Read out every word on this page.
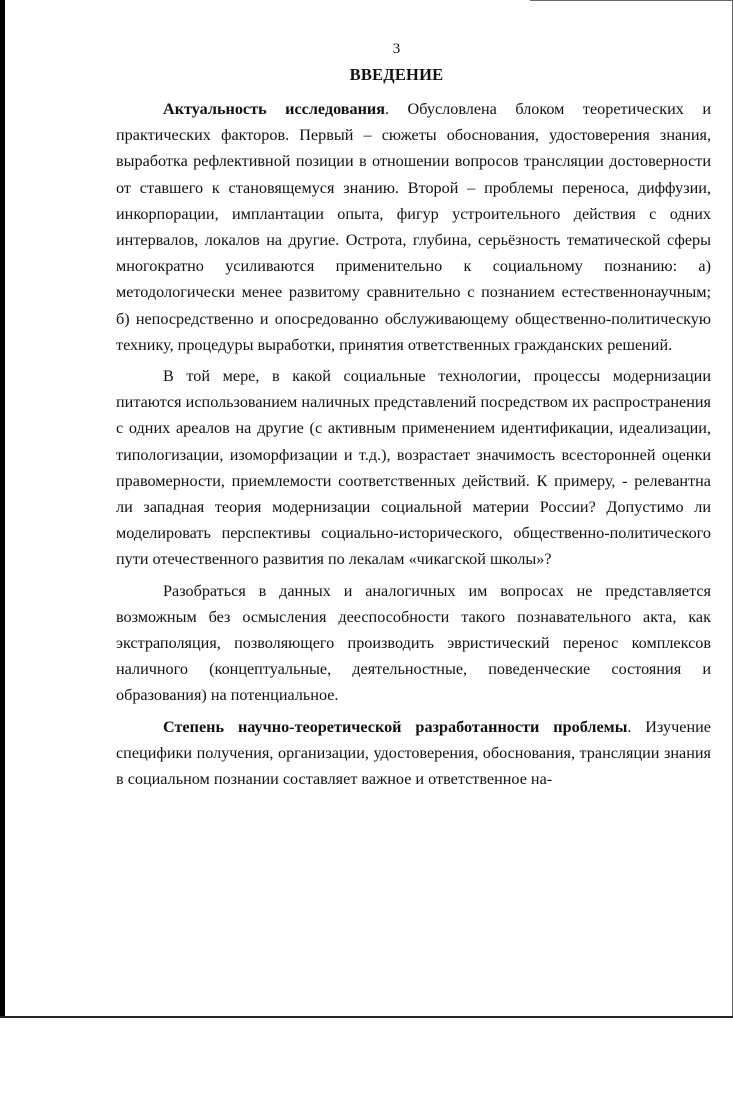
3
ВВЕДЕНИЕ

Актуальность исследования. Обусловлена блоком теоретических и практических факторов. Первый – сюжеты обоснования, удостоверения знания, выработка рефлективной позиции в отношении вопросов трансляции достоверности от ставшего к становящемуся знанию. Второй – проблемы переноса, диффузии, инкорпорации, имплантации опыта, фигур устроительного действия с одних интервалов, локалов на другие. Острота, глубина, серьёзность тематической сферы многократно усиливаются применительно к социальному познанию: а) методологически менее развитому сравнительно с познанием естественнонаучным; б) непосредственно и опосредованно обслуживающему общественно-политическую технику, процедуры выработки, принятия ответственных гражданских решений.

В той мере, в какой социальные технологии, процессы модернизации питаются использованием наличных представлений посредством их распространения с одних ареалов на другие (с активным применением идентификации, идеализации, типологизации, изоморфизации и т.д.), возрастает значимость всесторонней оценки правомерности, приемлемости соответственных действий. К примеру, - релевантна ли западная теория модернизации социальной материи России? Допустимо ли моделировать перспективы социально-исторического, общественно-политического пути отечественного развития по лекалам «чикагской школы»?

Разобраться в данных и аналогичных им вопросах не представляется возможным без осмысления дееспособности такого познавательного акта, как экстраполяция, позволяющего производить эвристический перенос комплексов наличного (концептуальные, деятельностные, поведенческие состояния и образования) на потенциальное.

Степень научно-теоретической разработанности проблемы. Изучение специфики получения, организации, удостоверения, обоснования, трансляции знания в социальном познании составляет важное и ответственное на-
